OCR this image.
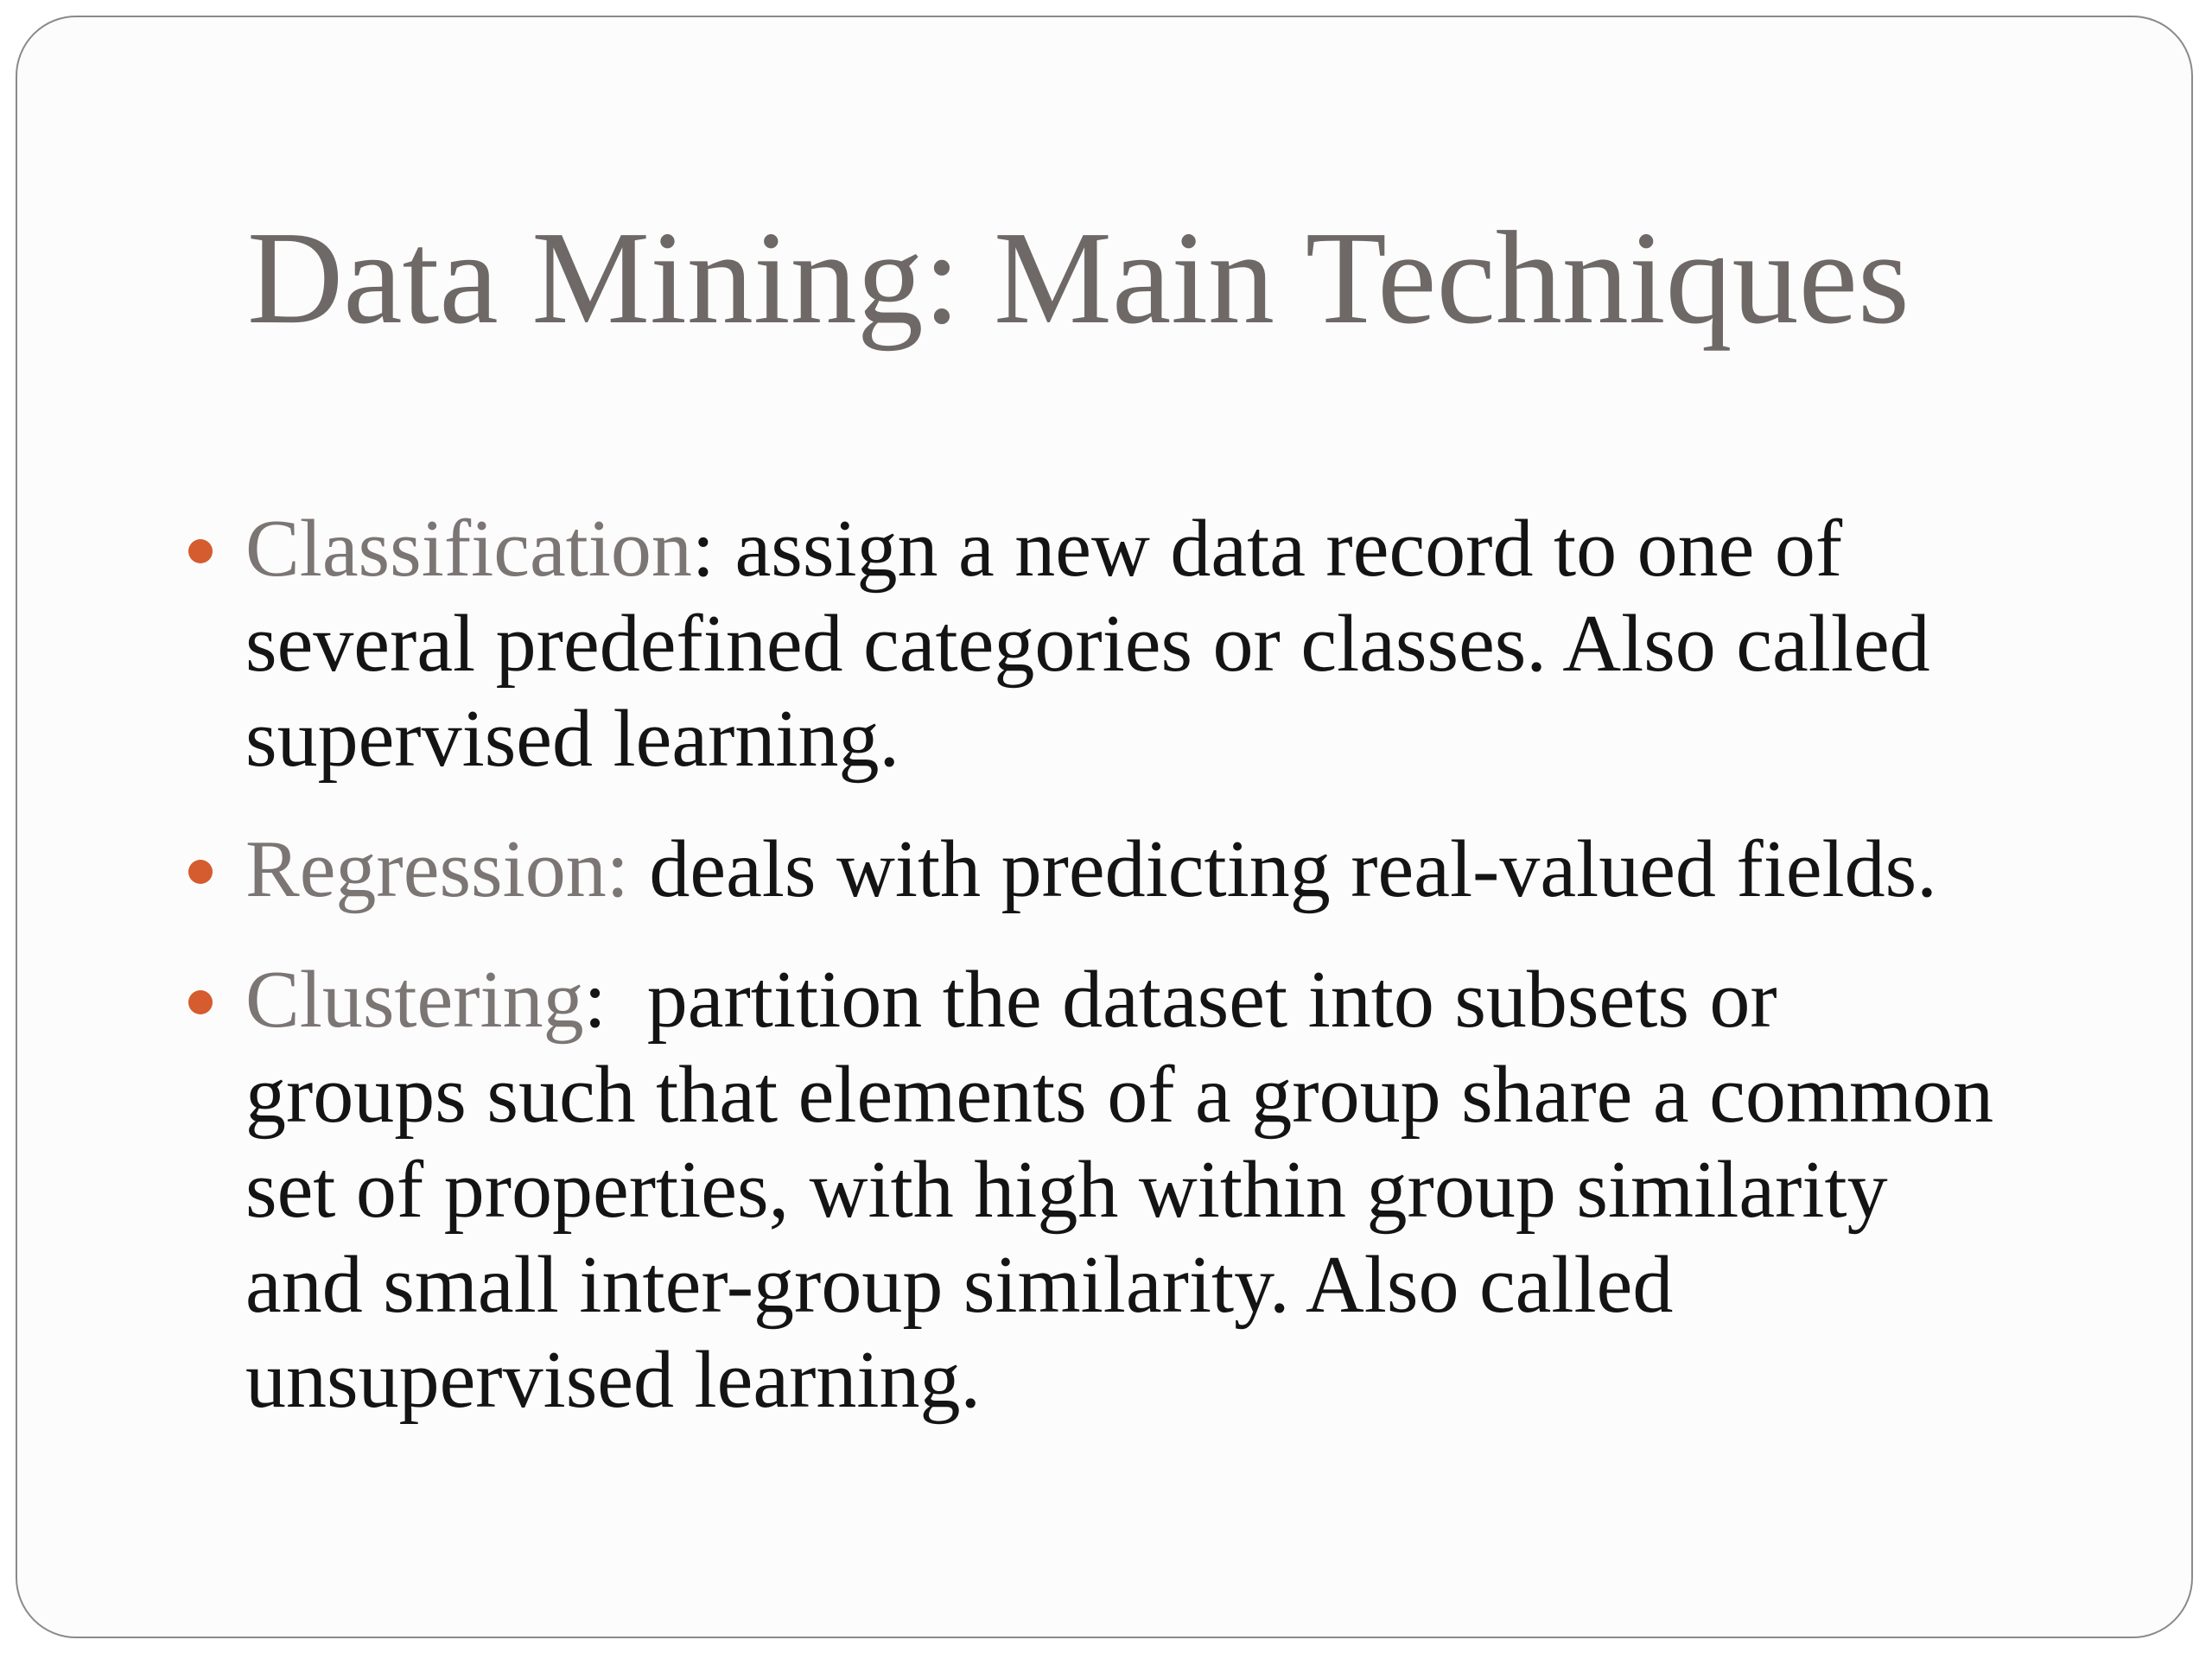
Data Mining: Main Techniques
Classification: assign a new data record to one of several predefined categories or classes. Also called supervised learning.
Regression: deals with predicting real-valued fields.
Clustering:  partition the dataset into subsets or groups such that elements of a group share a common set of properties, with high within group similarity and small inter-group similarity. Also called unsupervised learning.
